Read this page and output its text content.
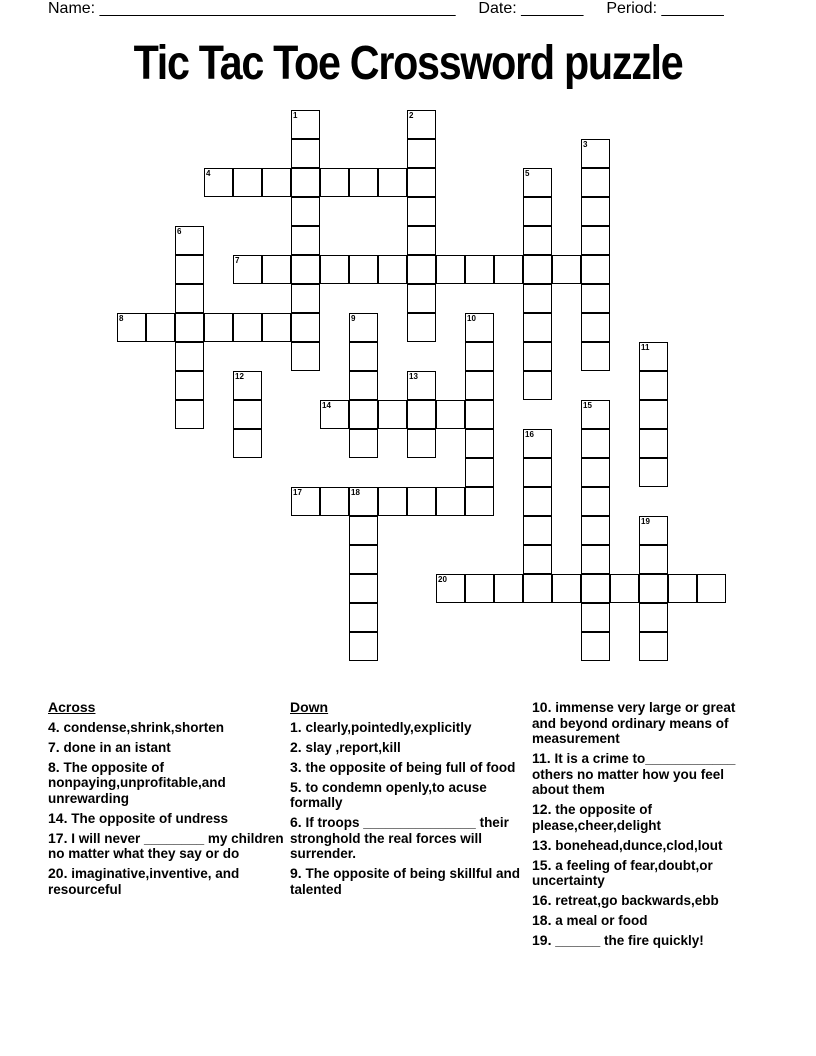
Name: ________________________________________ Date: _______ Period: _______
Tic Tac Toe Crossword puzzle
1	2
3
4	5
6
7
8	9	10
11
12	13
14	15
16
17	18
19
20
Across
4. condense,shrink,shorten
7. done in an istant
8. The opposite of nonpaying,unprofitable,and unrewarding
14. The opposite of undress
17. I will never ________ my children no matter what they say or do
20. imaginative,inventive, and resourceful
Down
1. clearly,pointedly,explicitly
2. slay ,report,kill
3. the opposite of being full of food
5. to condemn openly,to acuse formally
6. If troops _______________ their stronghold the real forces will surrender.
9. The opposite of being skillful and talented
10. immense very large or great and beyond ordinary means of measurement
11. It is a crime to____________ others no matter how you feel about them
12. the opposite of please,cheer,delight
13. bonehead,dunce,clod,lout
15. a feeling of fear,doubt,or uncertainty
16. retreat,go backwards,ebb
18. a meal or food
19. ______ the fire quickly!
